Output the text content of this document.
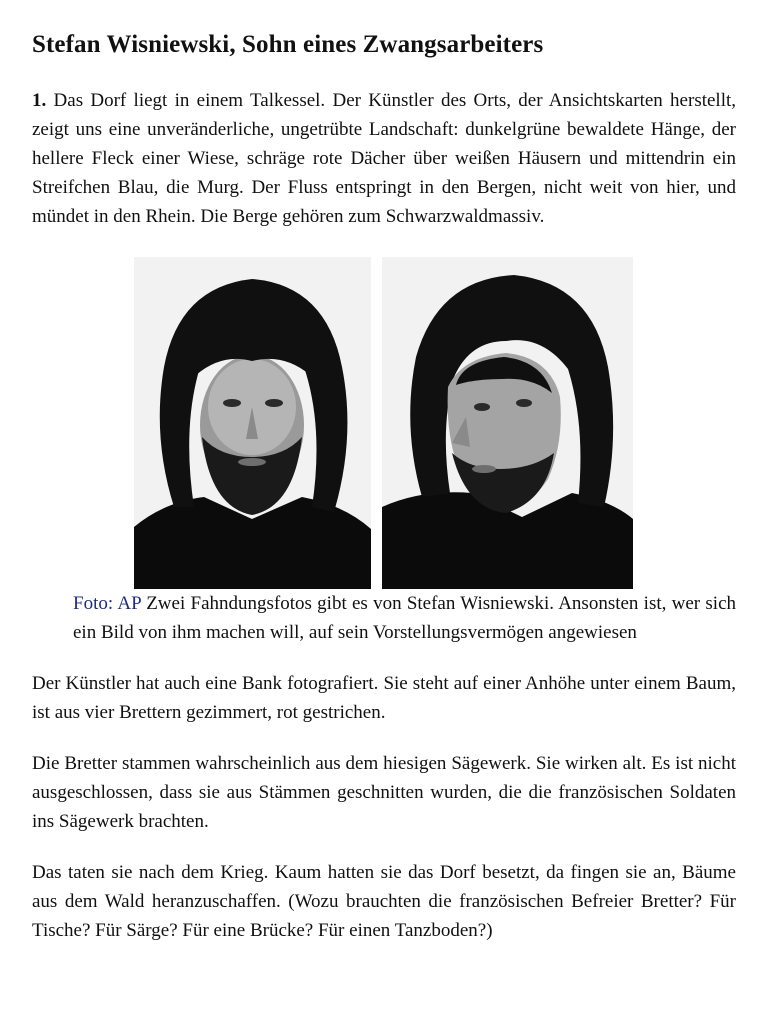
Stefan Wisniewski, Sohn eines Zwangsarbeiters

1. Das Dorf liegt in einem Talkessel. Der Künstler des Orts, der Ansichtskarten herstellt, zeigt uns eine unveränderliche, ungetrübte Landschaft: dunkelgrüne bewaldete Hänge, der hellere Fleck einer Wiese, schräge rote Dächer über weißen Häusern und mittendrin ein Streifchen Blau, die Murg. Der Fluss entspringt in den Bergen, nicht weit von hier, und mündet in den Rhein. Die Berge gehören zum Schwarzwaldmassiv.

Foto: AP Zwei Fahndungsfotos gibt es von Stefan Wisniewski. Ansonsten ist, wer sich ein Bild von ihm machen will, auf sein Vorstellungsvermögen angewiesen

Der Künstler hat auch eine Bank fotografiert. Sie steht auf einer Anhöhe unter einem Baum, ist aus vier Brettern gezimmert, rot gestrichen.

Die Bretter stammen wahrscheinlich aus dem hiesigen Sägewerk. Sie wirken alt. Es ist nicht ausgeschlossen, dass sie aus Stämmen geschnitten wurden, die die französischen Soldaten ins Sägewerk brachten.

Das taten sie nach dem Krieg. Kaum hatten sie das Dorf besetzt, da fingen sie an, Bäume aus dem Wald heranzuschaffen. (Wozu brauchten die französischen Befreier Bretter? Für Tische? Für Särge? Für eine Brücke? Für einen Tanzboden?)
